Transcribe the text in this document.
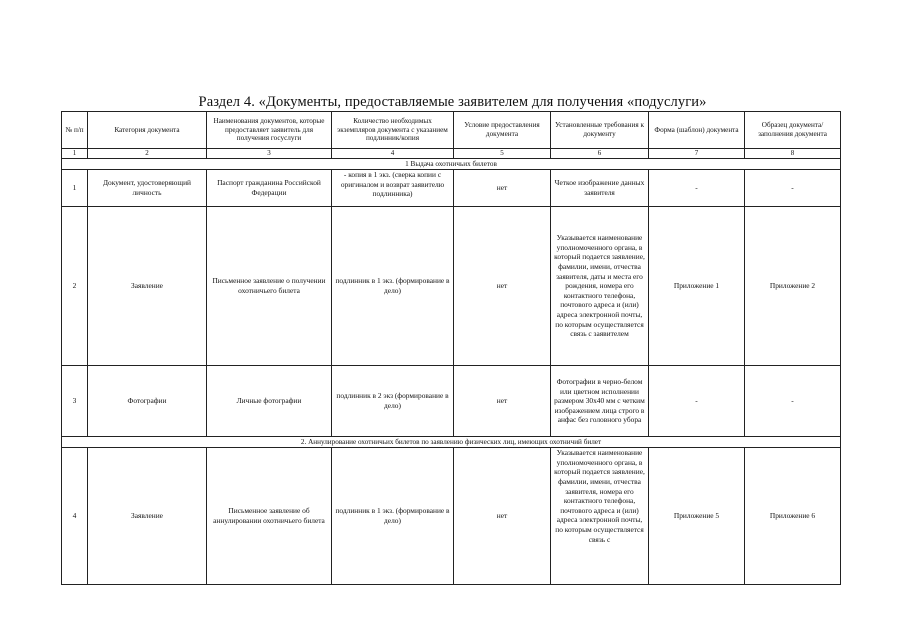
Раздел 4. «Документы, предоставляемые заявителем для получения «подуслуги»
№ п/п	Категория документа	Наименования документов, которые предоставляет заявитель для получения госуслуги	Количество необходимых экземпляров документа с указанием подлинник/копия	Условие предоставления документа	Установленные требования к документу	Форма (шаблон) документа	Образец документа/заполнения документа
1	2	3	4	5	6	7	8
1 Выдача охотничьих билетов							
1	Документ, удостоверяющий личность	Паспорт гражданина Российской Федерации	- копия в 1 экз. (сверка копии с оригиналом и возврат заявителю подлинника)	нет	Четкое изображение данных заявителя	-	-
2	Заявление	Письменное заявление о получении охотничьего билета	подлинник в 1 экз. (формирование в дело)	нет	Указывается наименование уполномоченного органа, в который подается заявление, фамилии, имени, отчества заявителя, даты и места его рождения, номера его контактного телефона, почтового адреса и (или) адреса электронной почты, по которым осуществляется связь с заявителем	Приложение 1	Приложение 2
3	Фотографии	Личные фотографии	подлинник в 2 экз (формирование в дело)	нет	Фотографии в черно-белом или цветном исполнении размером 30х40 мм с четким изображением лица строго в анфас без головного убора	-	-
2. Аннулирование охотничьих билетов по заявлению физических лиц, имеющих охотничий билет							
4	Заявление	Письменное заявление об аннулировании охотничьего билета	подлинник в 1 экз. (формирование в дело)	нет	Указывается наименование уполномоченного органа, в который подается заявление, фамилии, имени, отчества заявителя, номера его контактного телефона, почтового адреса и (или) адреса электронной почты, по которым осуществляется связь с	Приложение 5	Приложение 6
